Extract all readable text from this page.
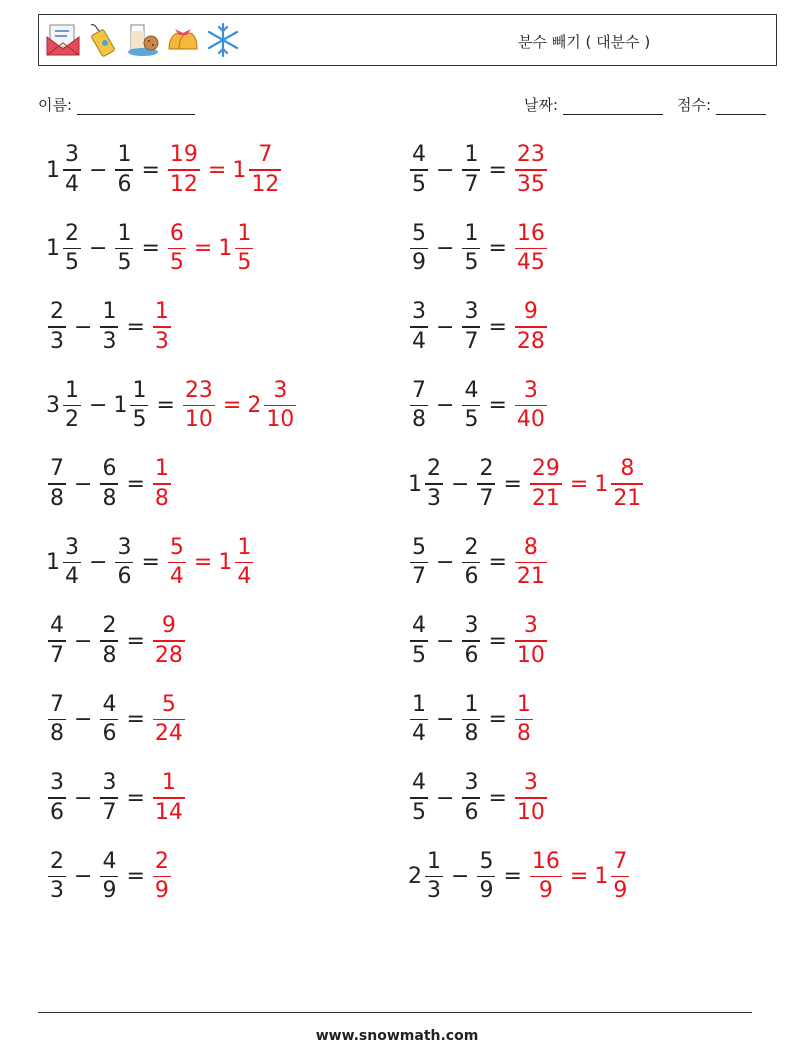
분수 빼기 ( 대분수 )
이름:	날짜:	점수:
$1 \frac{3}{4} - \frac{1}{6} = \frac{19}{12} = 1 \frac{7}{12}$	$\frac{4}{5} - \frac{1}{7} = \frac{23}{35}$
$1 \frac{2}{5} - \frac{1}{5} = \frac{6}{5} = 1 \frac{1}{5}$	$\frac{5}{9} - \frac{1}{5} = \frac{16}{45}$
$\frac{2}{3} - \frac{1}{3} = \frac{1}{3}$	$\frac{3}{4} - \frac{3}{7} = \frac{9}{28}$
$3 \frac{1}{2} - 1 \frac{1}{5} = \frac{23}{10} = 2 \frac{3}{10}$	$\frac{7}{8} - \frac{4}{5} = \frac{3}{40}$
$\frac{7}{8} - \frac{6}{8} = \frac{1}{8}$	$1 \frac{2}{3} - \frac{2}{7} = \frac{29}{21} = 1 \frac{8}{21}$
$1 \frac{3}{4} - \frac{3}{6} = \frac{5}{4} = 1 \frac{1}{4}$	$\frac{5}{7} - \frac{2}{6} = \frac{8}{21}$
$\frac{4}{7} - \frac{2}{8} = \frac{9}{28}$	$\frac{4}{5} - \frac{3}{6} = \frac{3}{10}$
$\frac{7}{8} - \frac{4}{6} = \frac{5}{24}$	$\frac{1}{4} - \frac{1}{8} = \frac{1}{8}$
$\frac{3}{6} - \frac{3}{7} = \frac{1}{14}$	$\frac{4}{5} - \frac{3}{6} = \frac{3}{10}$
$\frac{2}{3} - \frac{4}{9} = \frac{2}{9}$	$2 \frac{1}{3} - \frac{5}{9} = \frac{16}{9} = 1 \frac{7}{9}$
www.snowmath.com
